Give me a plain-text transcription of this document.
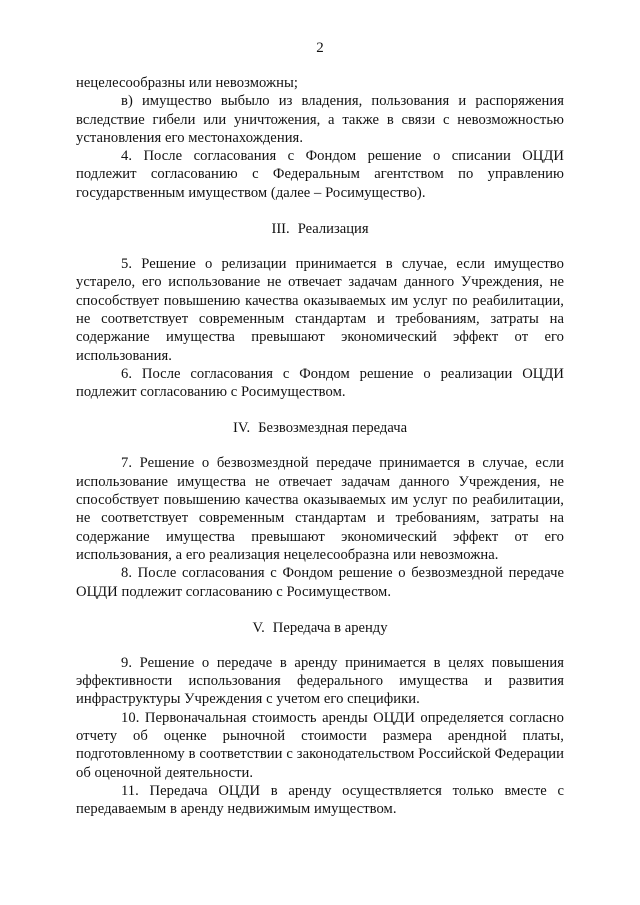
2

нецелесообразны или невозможны;

в) имущество выбыло из владения, пользования и распоряжения вследствие гибели или уничтожения, а также в связи с невозможностью установления его местонахождения.

4. После согласования с Фондом решение о списании ОЦДИ подлежит согласованию с Федеральным агентством по управлению государственным имуществом (далее – Росимущество).

III. Реализация

5. Решение о релизации принимается в случае, если имущество устарело, его использование не отвечает задачам данного Учреждения, не способствует повышению качества оказываемых им услуг по реабилитации, не соответствует современным стандартам и требованиям, затраты на содержание имущества превышают экономический эффект от его использования.

6. После согласования с Фондом решение о реализации ОЦДИ подлежит согласованию с Росимуществом.

IV. Безвозмездная передача

7. Решение о безвозмездной передаче принимается в случае, если использование имущества не отвечает задачам данного Учреждения, не способствует повышению качества оказываемых им услуг по реабилитации, не соответствует современным стандартам и требованиям, затраты на содержание имущества превышают экономический эффект от его использования, а его реализация нецелесообразна или невозможна.

8. После согласования с Фондом решение о безвозмездной передаче ОЦДИ подлежит согласованию с Росимуществом.

V. Передача в аренду

9. Решение о передаче в аренду принимается в целях повышения эффективности использования федерального имущества и развития инфраструктуры Учреждения с учетом его специфики.

10. Первоначальная стоимость аренды ОЦДИ определяется согласно отчету об оценке рыночной стоимости размера арендной платы, подготовленному в соответствии с законодательством Российской Федерации об оценочной деятельности.

11. Передача ОЦДИ в аренду осуществляется только вместе с передаваемым в аренду недвижимым имуществом.
